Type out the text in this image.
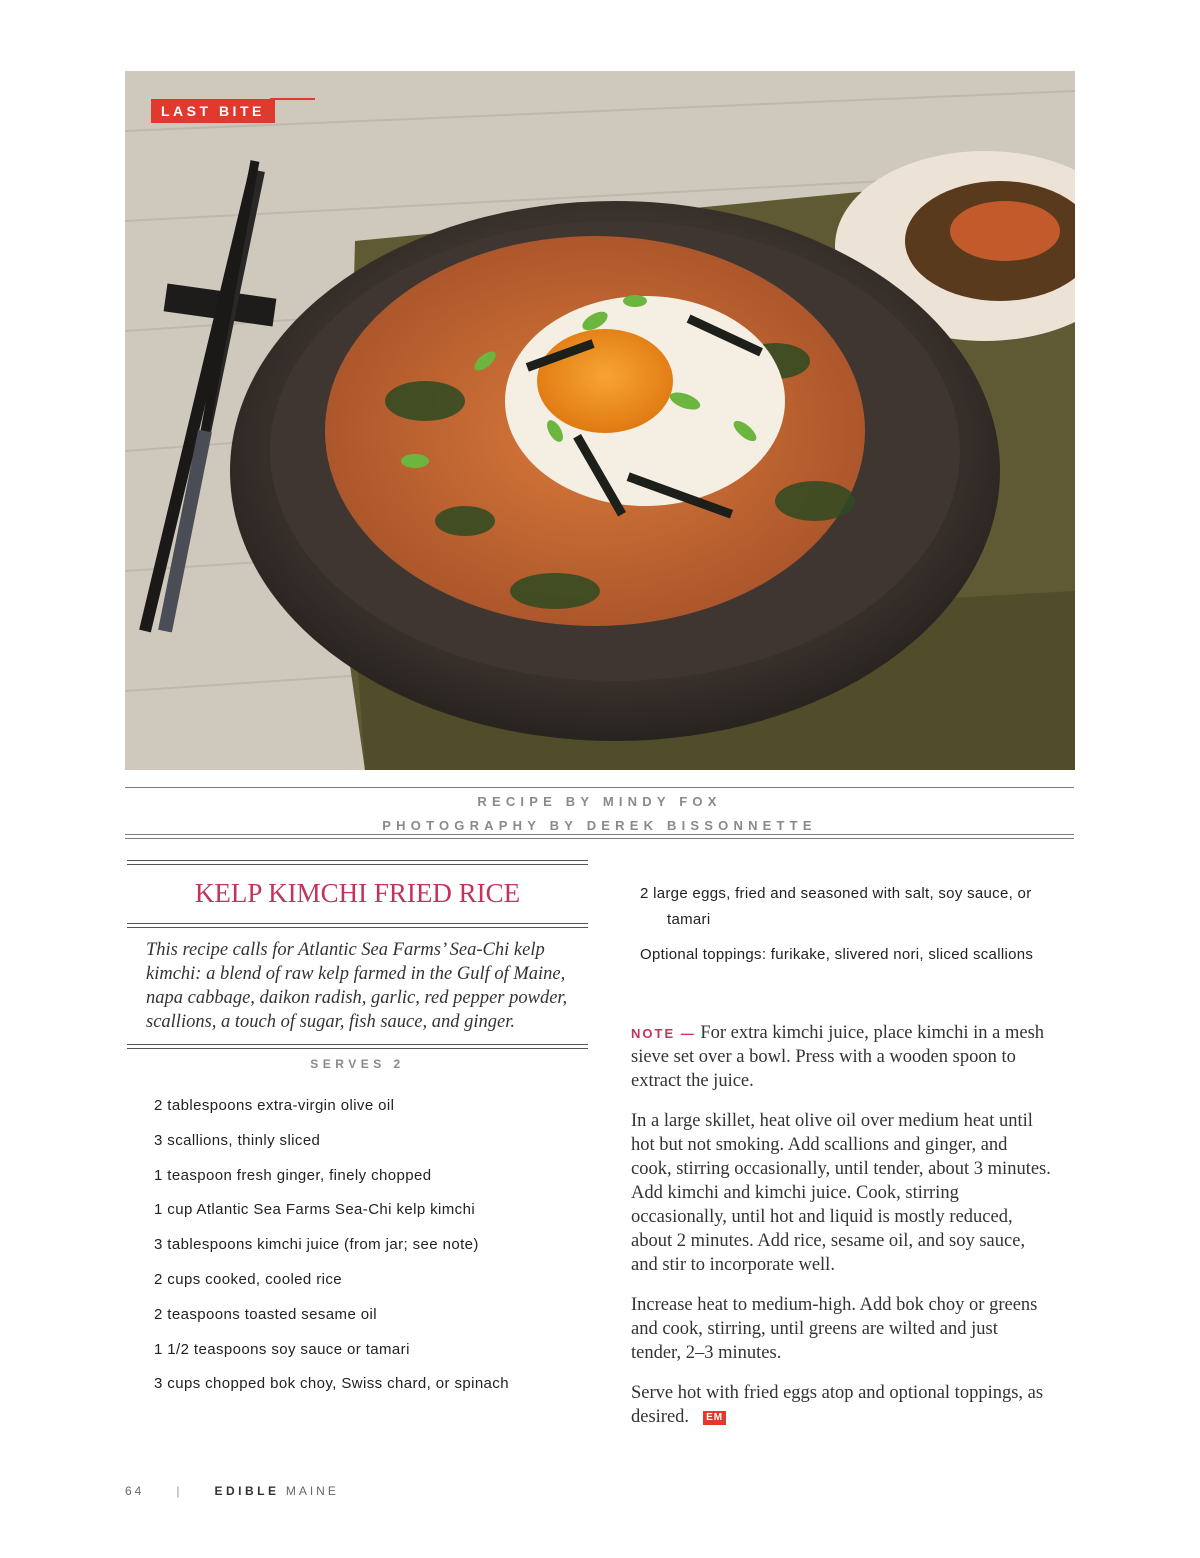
LAST BITE
RECIPE BY MINDY FOX
PHOTOGRAPHY BY DEREK BISSONNETTE
KELP KIMCHI FRIED RICE
This recipe calls for Atlantic Sea Farms’ Sea-Chi kelp kimchi: a blend of raw kelp farmed in the Gulf of Maine, napa cabbage, daikon radish, garlic, red pepper powder, scallions, a touch of sugar, fish sauce, and ginger.
SERVES 2
2 tablespoons extra-virgin olive oil
3 scallions, thinly sliced
1 teaspoon fresh ginger, finely chopped
1 cup Atlantic Sea Farms Sea-Chi kelp kimchi
3 tablespoons kimchi juice (from jar; see note)
2 cups cooked, cooled rice
2 teaspoons toasted sesame oil
1 1/2 teaspoons soy sauce or tamari
3 cups chopped bok choy, Swiss chard, or spinach
2 large eggs, fried and seasoned with salt, soy sauce, or tamari
Optional toppings: furikake, slivered nori, sliced scallions

NOTE — For extra kimchi juice, place kimchi in a mesh sieve set over a bowl. Press with a wooden spoon to extract the juice.

In a large skillet, heat olive oil over medium heat until hot but not smoking. Add scallions and ginger, and cook, stirring occasionally, until tender, about 3 minutes. Add kimchi and kimchi juice. Cook, stirring occasionally, until hot and liquid is mostly reduced, about 2 minutes. Add rice, sesame oil, and soy sauce, and stir to incorporate well.

Increase heat to medium-high. Add bok choy or greens and cook, stirring, until greens are wilted and just tender, 2–3 minutes.

Serve hot with fried eggs atop and optional toppings, as desired. EM

64	|	EDIBLE MAINE
